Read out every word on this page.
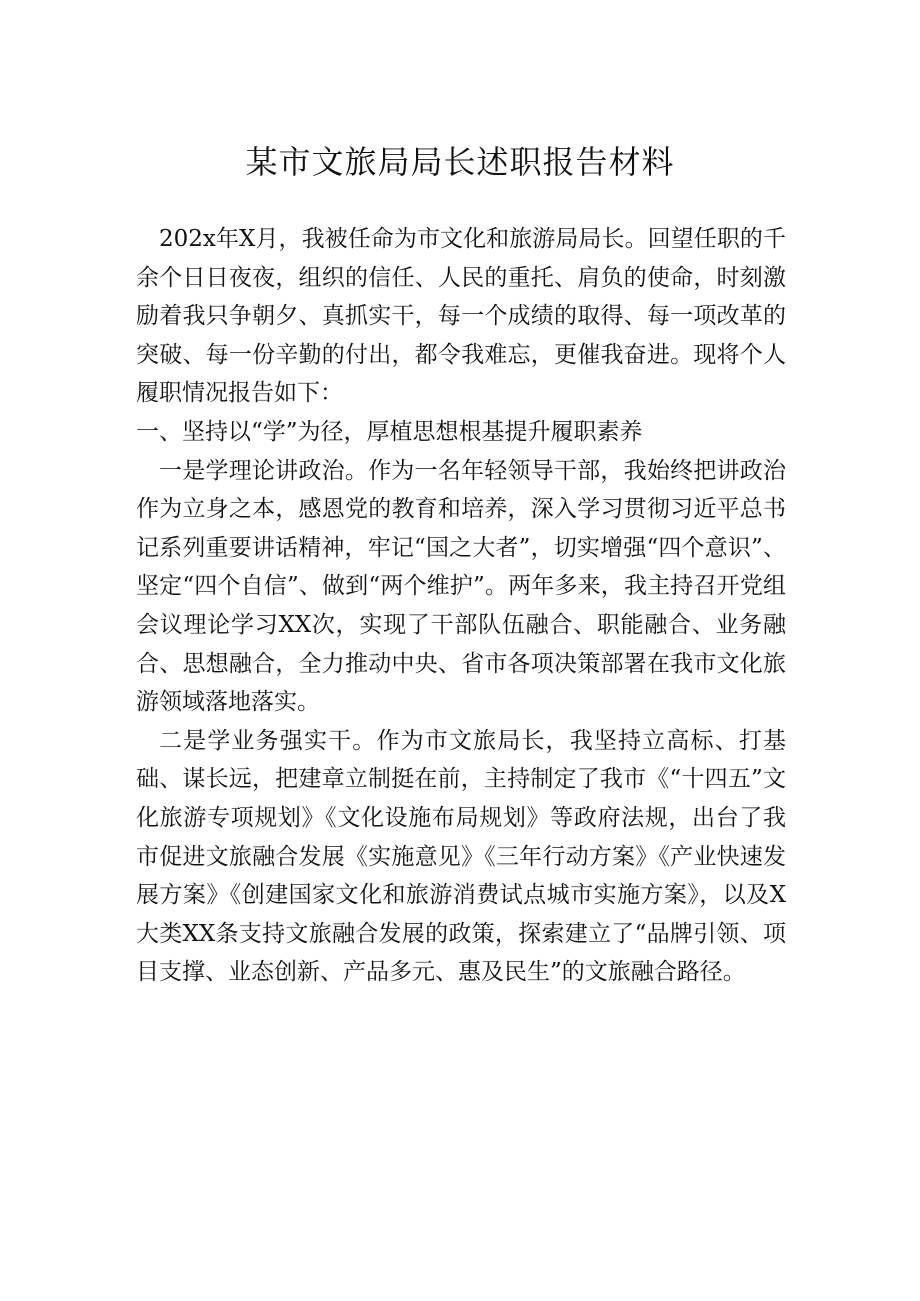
某市文旅局局长述职报告材料

202x年X月，我被任命为市文化和旅游局局长。回望任职的千余个日日夜夜，组织的信任、人民的重托、肩负的使命，时刻激励着我只争朝夕、真抓实干，每一个成绩的取得、每一项改革的突破、每一份辛勤的付出，都令我难忘，更催我奋进。现将个人履职情况报告如下：

一、坚持以“学”为径，厚植思想根基提升履职素养

一是学理论讲政治。作为一名年轻领导干部，我始终把讲政治作为立身之本，感恩党的教育和培养，深入学习贯彻习近平总书记系列重要讲话精神，牢记“国之大者”，切实增强“四个意识”、坚定“四个自信”、做到“两个维护”。两年多来，我主持召开党组会议理论学习XX次，实现了干部队伍融合、职能融合、业务融合、思想融合，全力推动中央、省市各项决策部署在我市文化旅游领域落地落实。

二是学业务强实干。作为市文旅局长，我坚持立高标、打基础、谋长远，把建章立制挺在前，主持制定了我市《“十四五”文化旅游专项规划》《文化设施布局规划》等政府法规，出台了我市促进文旅融合发展《实施意见》《三年行动方案》《产业快速发展方案》《创建国家文化和旅游消费试点城市实施方案》，以及X大类XX条支持文旅融合发展的政策，探索建立了“品牌引领、项目支撑、业态创新、产品多元、惠及民生”的文旅融合路径。
